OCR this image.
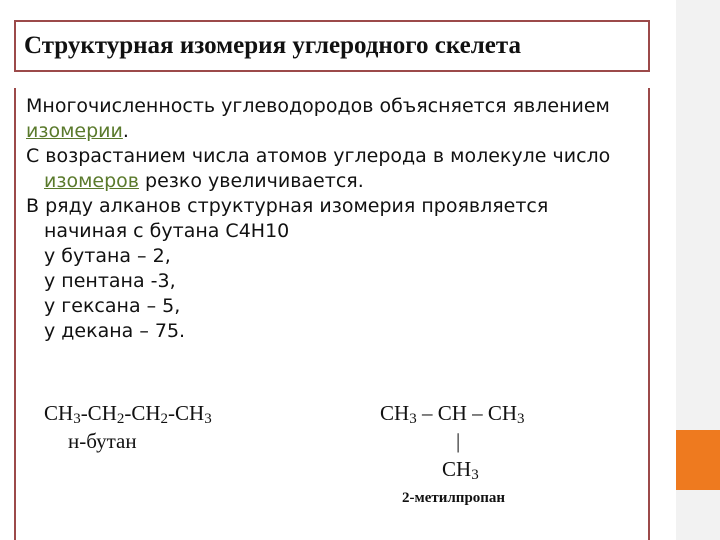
Структурная изомерия углеродного скелета

Многочисленность углеводородов объясняется явлением изомерии.

С возрастанием числа атомов углерода в молекуле число изомеров резко увеличивается.

В ряду алканов структурная изомерия проявляется начиная с бутана С4Н10

у бутана – 2,

у пентана -3,

у гексана – 5,

у декана – 75.

$CH_3-CH_2-CH_2-CH_3$
н-бутан
$CH_3$ – CH – $CH_3$
|
$CH_3$
2-метилпропан
